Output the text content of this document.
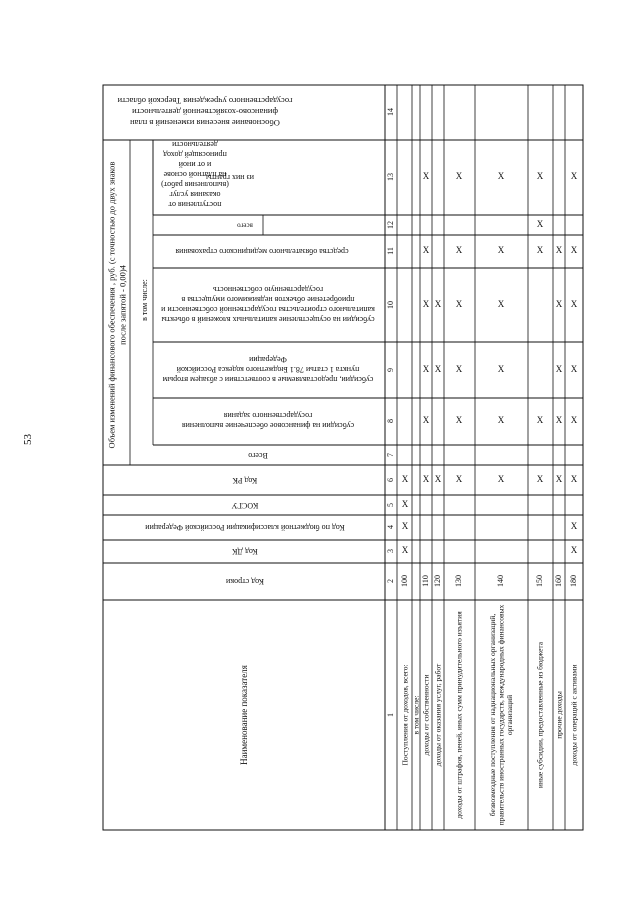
53
Обоснование внесения изменений в планфинансово-хозяйственной деятельностигосударственного учреждения Тверской области
из них гранты
поступления отоказания услуг(выполнения работ)на платной основеи от инойприносящей доходдеятельности
всего
средства обязательного медицинского страхования
субсидии на осуществление капитальных вложений в объектыкапитального строительства государственной собственности иприобретение объектов недвижимого имущества вгосударственную собственность
субсидии, предоставляемые в соответствии с абзацем вторымпункта 1 статьи 78.1 Бюджетного кодекса РоссийскойФедерации
субсидии на финансовое обеспечение выполнениягосударственного задания
Всего
Код РК
КОСГУ
Код по бюджетной классификации Российской Федерации
Код ДК
Код строки
Объем изменений финансового обеспечения , руб. (с точностью до двух знаковпосле запятой - 0,00)4 в том числе:
Наименование показателя	1
2
3
4
5
6
7
8
9
10
11
12
13
14
Поступления от доходов, всего:
100
X
X
X
X
в том числе: доходы от собственности
110
X
X
X
X
X
X
доходы от оказания услуг, работ
120
X
X
X
доходы от штрафов, пеней, иных сумм принудительного изъятия
130
X
X
X
X
X
X
безвозмездные поступления от наднациональных организаций,правительств иностранных государств, международных финансовыхорганизаций
140
X
X
X
X
X
X
иные субсидии, предоставленные из бюджета
150
X
X
X
X
X
прочие доходы
160
X
X
X
X
X
доходы от операций с активами
180
X
X
X
X
X
X
X
X
